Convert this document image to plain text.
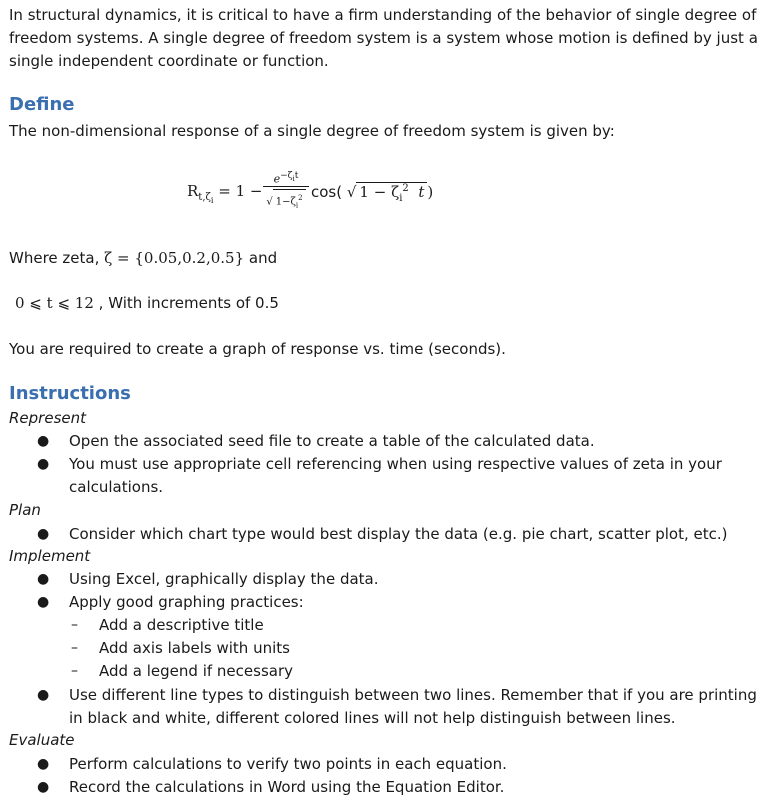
In structural dynamics, it is critical to have a firm understanding of the behavior of single degree of freedom systems. A single degree of freedom system is a system whose motion is defined by just a single independent coordinate or function.

Define
The non-dimensional response of a single degree of freedom system is given by:
$R_{t,\zeta_i} = 1$ −
$e^{-\zeta_it}$
√ $1-\zeta_i^2$ cos( √ $1 - \zeta_i^2$ t )
Where zeta, ζ = {0.05,0.2,0.5} and
0 ⩽ t ⩽ 12 , With increments of 0.5
You are required to create a graph of response vs. time (seconds).
Instructions
Represent
● Open the associated seed file to create a table of the calculated data.
● You must use appropriate cell referencing when using respective values of zeta in your calculations.
Plan
● Consider which chart type would best display the data (e.g. pie chart, scatter plot, etc.)
Implement
● Using Excel, graphically display the data.
● Apply good graphing practices:
– Add a descriptive title
– Add axis labels with units
– Add a legend if necessary
● Use different line types to distinguish between two lines. Remember that if you are printing in black and white, different colored lines will not help distinguish between lines.
Evaluate
● Perform calculations to verify two points in each equation.
● Record the calculations in Word using the Equation Editor.
